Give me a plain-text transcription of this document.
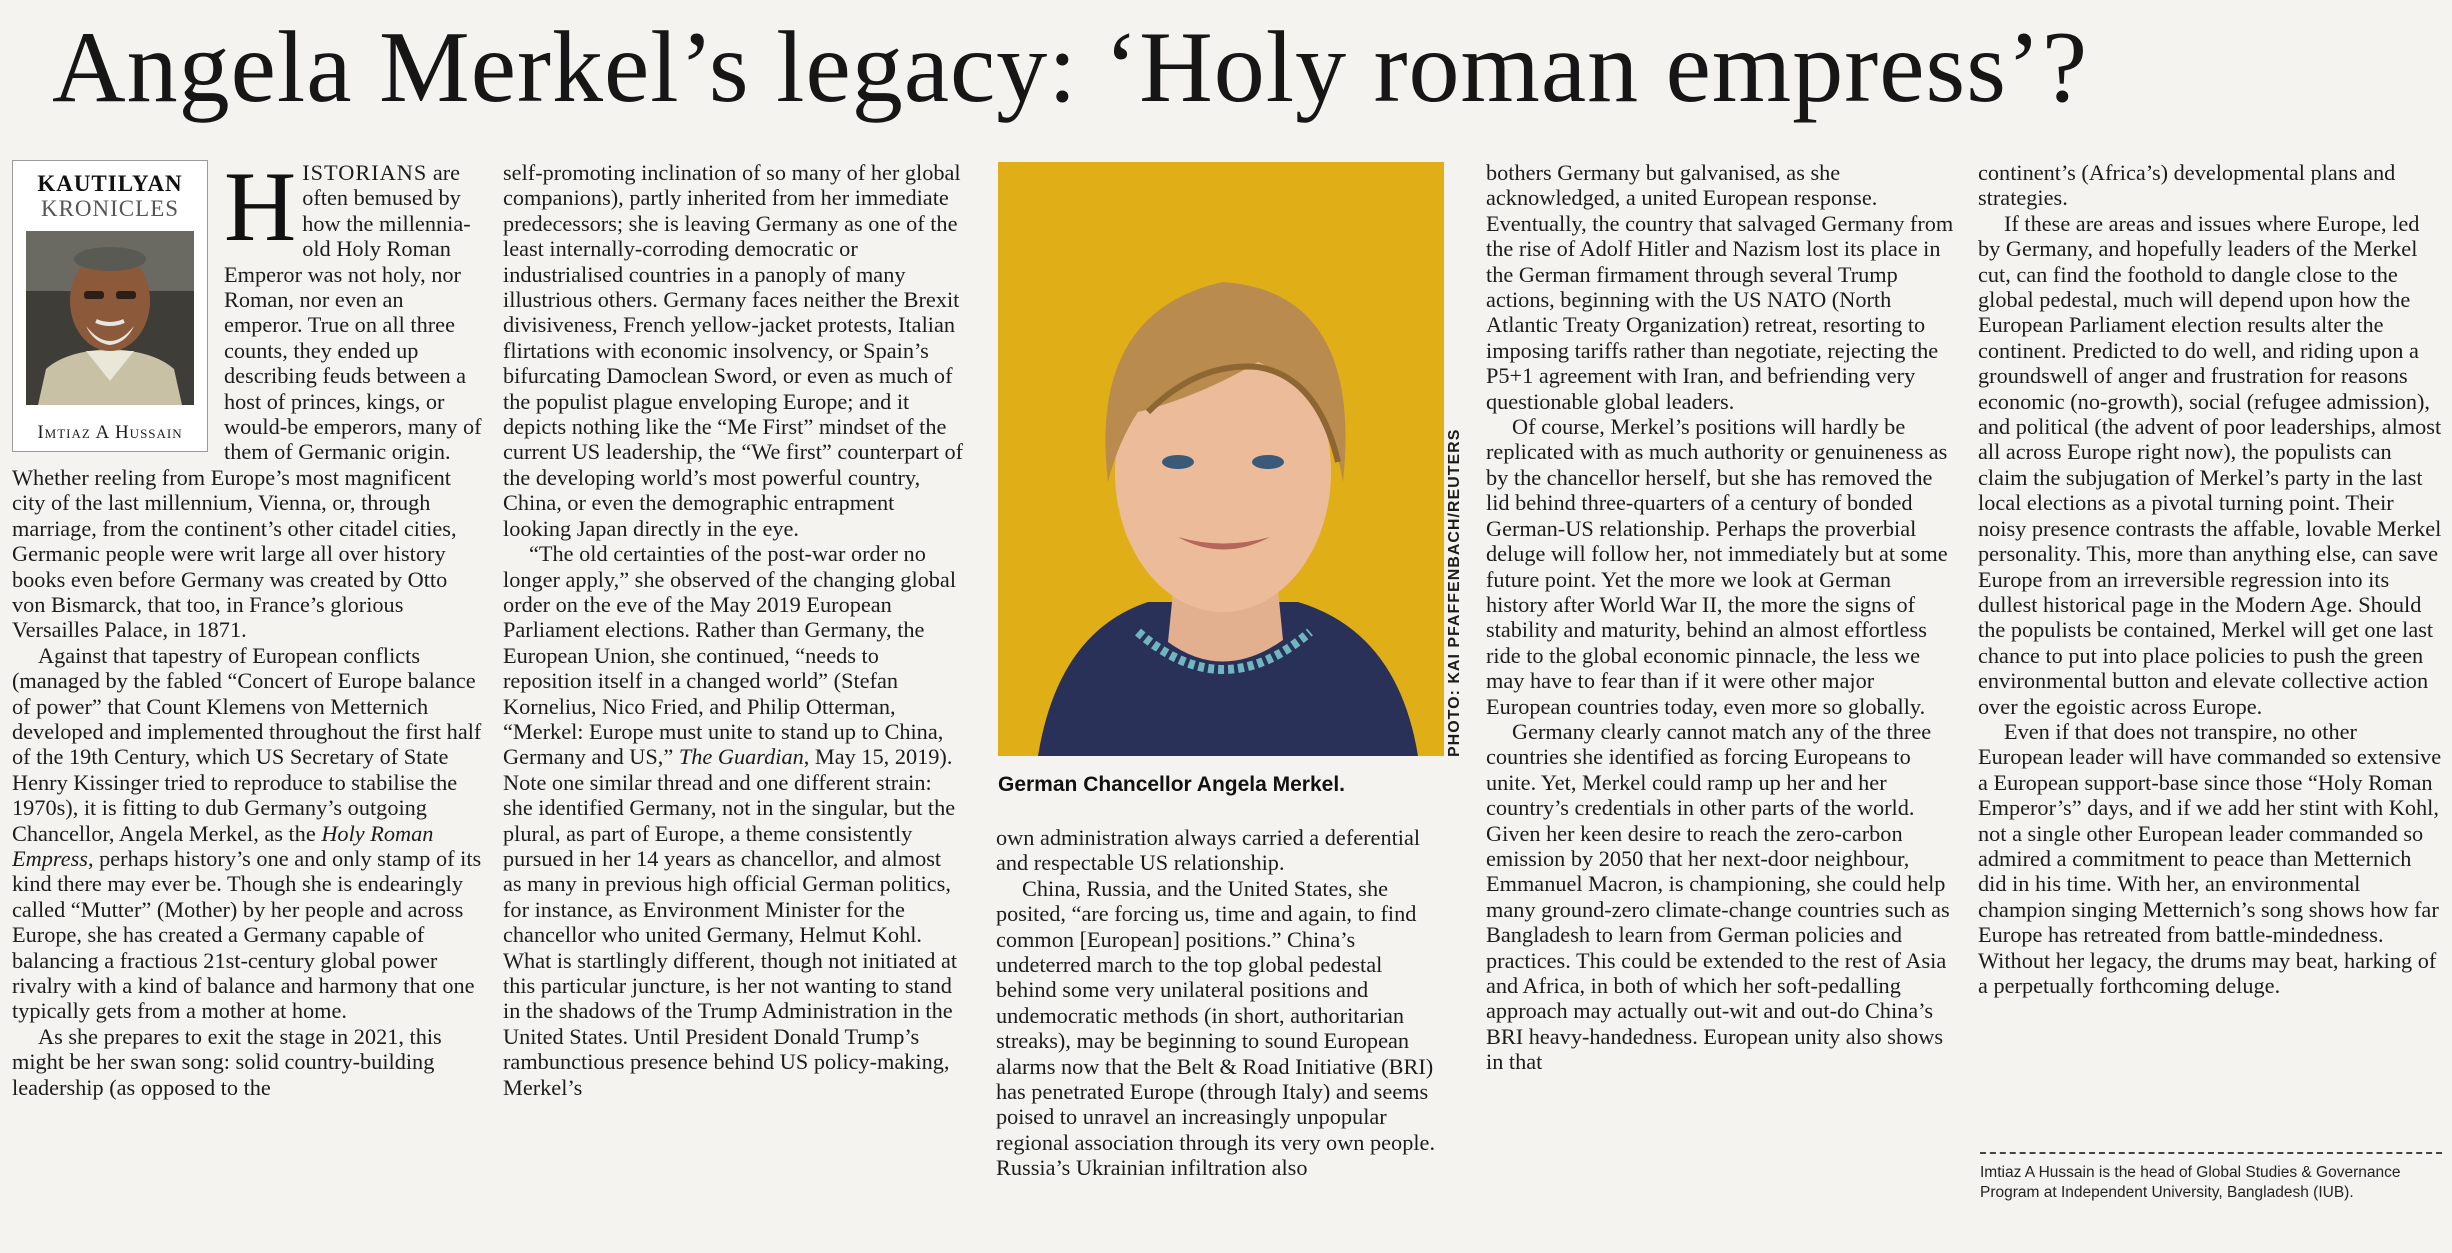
Angela Merkel’s legacy: ‘Holy roman empress’?
KAUTILYAN
KRONICLES
Imtiaz A Hussain

HISTORIANS are often bemused by how the millennia-old Holy Roman Emperor was not holy, nor Roman, nor even an emperor. True on all three counts, they ended up describing feuds between a host of princes, kings, or would-be emperors, many of them of Germanic origin. Whether reeling from Europe’s most magnificent city of the last millennium, Vienna, or, through marriage, from the continent’s other citadel cities, Germanic people were writ large all over history books even before Germany was created by Otto von Bismarck, that too, in France’s glorious Versailles Palace, in 1871.

Against that tapestry of European conflicts (managed by the fabled “Concert of Europe balance of power” that Count Klemens von Metternich developed and implemented throughout the first half of the 19th Century, which US Secretary of State Henry Kissinger tried to reproduce to stabilise the 1970s), it is fitting to dub Germany’s outgoing Chancellor, Angela Merkel, as the Holy Roman Empress, perhaps history’s one and only stamp of its kind there may ever be. Though she is endearingly called “Mutter” (Mother) by her people and across Europe, she has created a Germany capable of balancing a fractious 21st-century global power rivalry with a kind of balance and harmony that one typically gets from a mother at home.

As she prepares to exit the stage in 2021, this might be her swan song: solid country-building leadership (as opposed to the

self-promoting inclination of so many of her global companions), partly inherited from her immediate predecessors; she is leaving Germany as one of the least internally-corroding democratic or industrialised countries in a panoply of many illustrious others. Germany faces neither the Brexit divisiveness, French yellow-jacket protests, Italian flirtations with economic insolvency, or Spain’s bifurcating Damoclean Sword, or even as much of the populist plague enveloping Europe; and it depicts nothing like the “Me First” mindset of the current US leadership, the “We first” counterpart of the developing world’s most powerful country, China, or even the demographic entrapment looking Japan directly in the eye.

“The old certainties of the post-war order no longer apply,” she observed of the changing global order on the eve of the May 2019 European Parliament elections. Rather than Germany, the European Union, she continued, “needs to reposition itself in a changed world” (Stefan Kornelius, Nico Fried, and Philip Otterman, “Merkel: Europe must unite to stand up to China, Germany and US,” The Guardian, May 15, 2019). Note one similar thread and one different strain: she identified Germany, not in the singular, but the plural, as part of Europe, a theme consistently pursued in her 14 years as chancellor, and almost as many in previous high official German politics, for instance, as Environment Minister for the chancellor who united Germany, Helmut Kohl. What is startlingly different, though not initiated at this particular juncture, is her not wanting to stand in the shadows of the Trump Administration in the United States. Until President Donald Trump’s rambunctious presence behind US policy-making, Merkel’s

PHOTO: KAI PFAFFENBACH/REUTERS
German Chancellor Angela Merkel.

own administration always carried a deferential and respectable US relationship.

China, Russia, and the United States, she posited, “are forcing us, time and again, to find common [European] positions.” China’s undeterred march to the top global pedestal behind some very unilateral positions and undemocratic methods (in short, authoritarian streaks), may be beginning to sound European alarms now that the Belt & Road Initiative (BRI) has penetrated Europe (through Italy) and seems poised to unravel an increasingly unpopular regional association through its very own people. Russia’s Ukrainian infiltration also

bothers Germany but galvanised, as she acknowledged, a united European response. Eventually, the country that salvaged Germany from the rise of Adolf Hitler and Nazism lost its place in the German firmament through several Trump actions, beginning with the US NATO (North Atlantic Treaty Organization) retreat, resorting to imposing tariffs rather than negotiate, rejecting the P5+1 agreement with Iran, and befriending very questionable global leaders.

Of course, Merkel’s positions will hardly be replicated with as much authority or genuineness as by the chancellor herself, but she has removed the lid behind three-quarters of a century of bonded German-US relationship. Perhaps the proverbial deluge will follow her, not immediately but at some future point. Yet the more we look at German history after World War II, the more the signs of stability and maturity, behind an almost effortless ride to the global economic pinnacle, the less we may have to fear than if it were other major European countries today, even more so globally.

Germany clearly cannot match any of the three countries she identified as forcing Europeans to unite. Yet, Merkel could ramp up her and her country’s credentials in other parts of the world. Given her keen desire to reach the zero-carbon emission by 2050 that her next-door neighbour, Emmanuel Macron, is championing, she could help many ground-zero climate-change countries such as Bangladesh to learn from German policies and practices. This could be extended to the rest of Asia and Africa, in both of which her soft-pedalling approach may actually out-wit and out-do China’s BRI heavy-handedness. European unity also shows in that

continent’s (Africa’s) developmental plans and strategies.

If these are areas and issues where Europe, led by Germany, and hopefully leaders of the Merkel cut, can find the foothold to dangle close to the global pedestal, much will depend upon how the European Parliament election results alter the continent. Predicted to do well, and riding upon a groundswell of anger and frustration for reasons economic (no-growth), social (refugee admission), and political (the advent of poor leaderships, almost all across Europe right now), the populists can claim the subjugation of Merkel’s party in the last local elections as a pivotal turning point. Their noisy presence contrasts the affable, lovable Merkel personality. This, more than anything else, can save Europe from an irreversible regression into its dullest historical page in the Modern Age. Should the populists be contained, Merkel will get one last chance to put into place policies to push the green environmental button and elevate collective action over the egoistic across Europe.

Even if that does not transpire, no other European leader will have commanded so extensive a European support-base since those “Holy Roman Emperor’s” days, and if we add her stint with Kohl, not a single other European leader commanded so admired a commitment to peace than Metternich did in his time. With her, an environmental champion singing Metternich’s song shows how far Europe has retreated from battle-mindedness. Without her legacy, the drums may beat, harking of a perpetually forthcoming deluge.

Imtiaz A Hussain is the head of Global Studies & Governance Program at Independent University, Bangladesh (IUB).
